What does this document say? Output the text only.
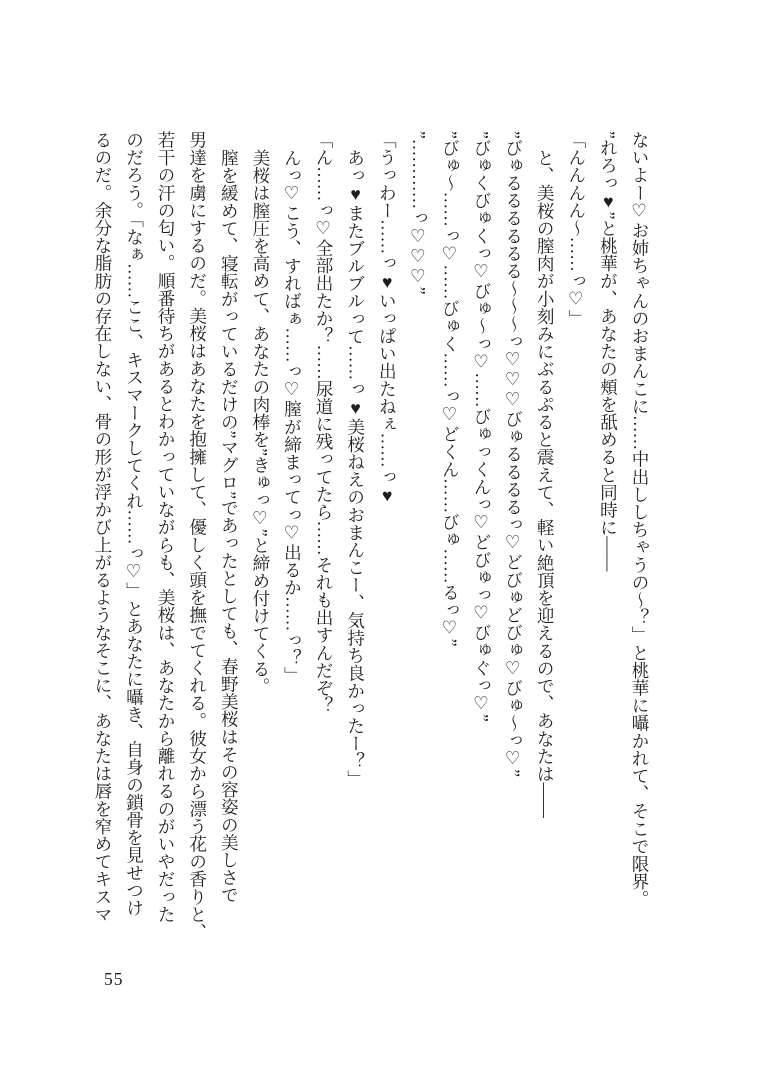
ないよー♡お姉ちゃんのおまんこに……中出ししちゃうの〜？」と桃華に囁かれて、そこで限界。
”れろっ♥”と桃華が、あなたの頬を舐めると同時に――
「んんんん〜……っ♡」
と、美桜の膣肉が小刻みにぶるぷると震えて、軽い絶頂を迎えるので、あなたは――
”びゅるるるるるる〜〜〜っ♡♡♡びゅるるるるっ♡どびゅどびゅ♡びゅ〜っ♡”
”びゅくびゅくっ♡びゅ〜っ♡……びゅっくんっ♡どびゅっ♡びゅぐっ♡”
”びゅ〜……っ♡……びゅく……っ♡どくん……びゅ……るっ♡”
”…………っ♡♡♡”
「うっわー……っ♥いっぱい出たねぇ……っ♥
あっ♥またブルブルって……っ♥美桜ねえのおまんこー、気持ち良かったー？」
「ん……っ♡全部出たか？……尿道に残ってたら……それも出すんだぞ？
んっ♡こう、すればぁ……っ♡膣が締まってっ♡出るか……っ？」
美桜は膣圧を高めて、あなたの肉棒を”きゅっ♡”と締め付けてくる。
膣を緩めて、寝転がっているだけの”マグロ”であったとしても、春野美桜はその容姿の美しさで
男達を虜にするのだ。美桜はあなたを抱擁して、優しく頭を撫でてくれる。彼女から漂う花の香りと、
若干の汗の匂い。順番待ちがあるとわかっていながらも、美桜は、あなたから離れるのがいやだった
のだろう。「なぁ……ここ、キスマークしてくれ……っ♡」とあなたに囁き、自身の鎖骨を見せつけ
るのだ。余分な脂肪の存在しない、骨の形が浮かび上がるようなそこに、あなたは唇を窄めてキスマ
55
